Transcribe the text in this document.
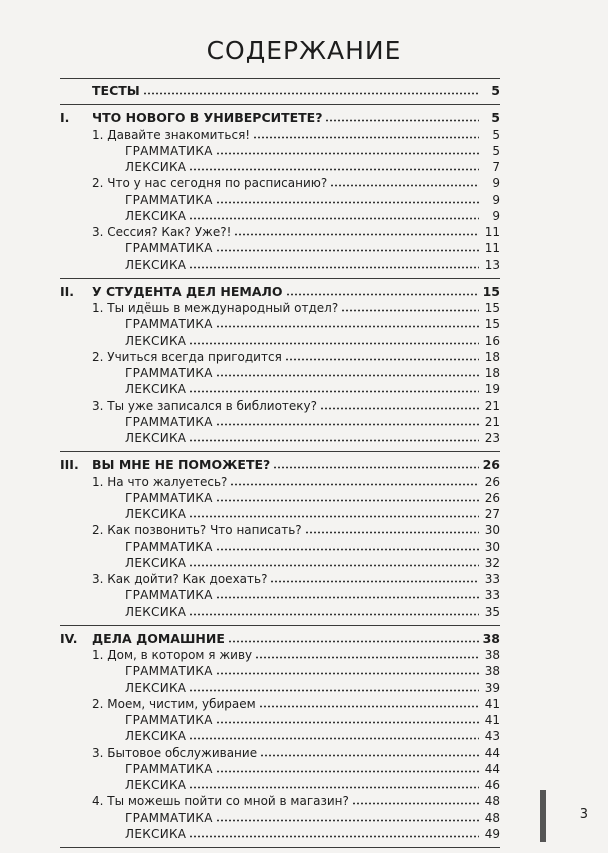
СОДЕРЖАНИЕ
ТЕСТЫ	5
I.	ЧТО НОВОГО В УНИВЕРСИТЕТЕ?	5
1. Давайте знакомиться!	5
ГРАММАТИКА	5
ЛЕКСИКА	7
2. Что у нас сегодня по расписанию?	9
ГРАММАТИКА	9
ЛЕКСИКА	9
3. Сессия? Как? Уже?!	11
ГРАММАТИКА	11
ЛЕКСИКА	13
II.	У СТУДЕНТА ДЕЛ НЕМАЛО	15
1. Ты идёшь в международный отдел?	15
ГРАММАТИКА	15
ЛЕКСИКА	16
2. Учиться всегда пригодится	18
ГРАММАТИКА	18
ЛЕКСИКА	19
3. Ты уже записался в библиотеку?	21
ГРАММАТИКА	21
ЛЕКСИКА	23
III.	ВЫ МНЕ НЕ ПОМОЖЕТЕ?	26
1. На что жалуетесь?	26
ГРАММАТИКА	26
ЛЕКСИКА	27
2. Как позвонить? Что написать?	30
ГРАММАТИКА	30
ЛЕКСИКА	32
3. Как дойти? Как доехать?	33
ГРАММАТИКА	33
ЛЕКСИКА	35
IV.	ДЕЛА ДОМАШНИЕ	38
1. Дом, в котором я живу	38
ГРАММАТИКА	38
ЛЕКСИКА	39
2. Моем, чистим, убираем	41
ГРАММАТИКА	41
ЛЕКСИКА	43
3. Бытовое обслуживание	44
ГРАММАТИКА	44
ЛЕКСИКА	46
4. Ты можешь пойти со мной в магазин?	48
ГРАММАТИКА	48
ЛЕКСИКА	49
3
